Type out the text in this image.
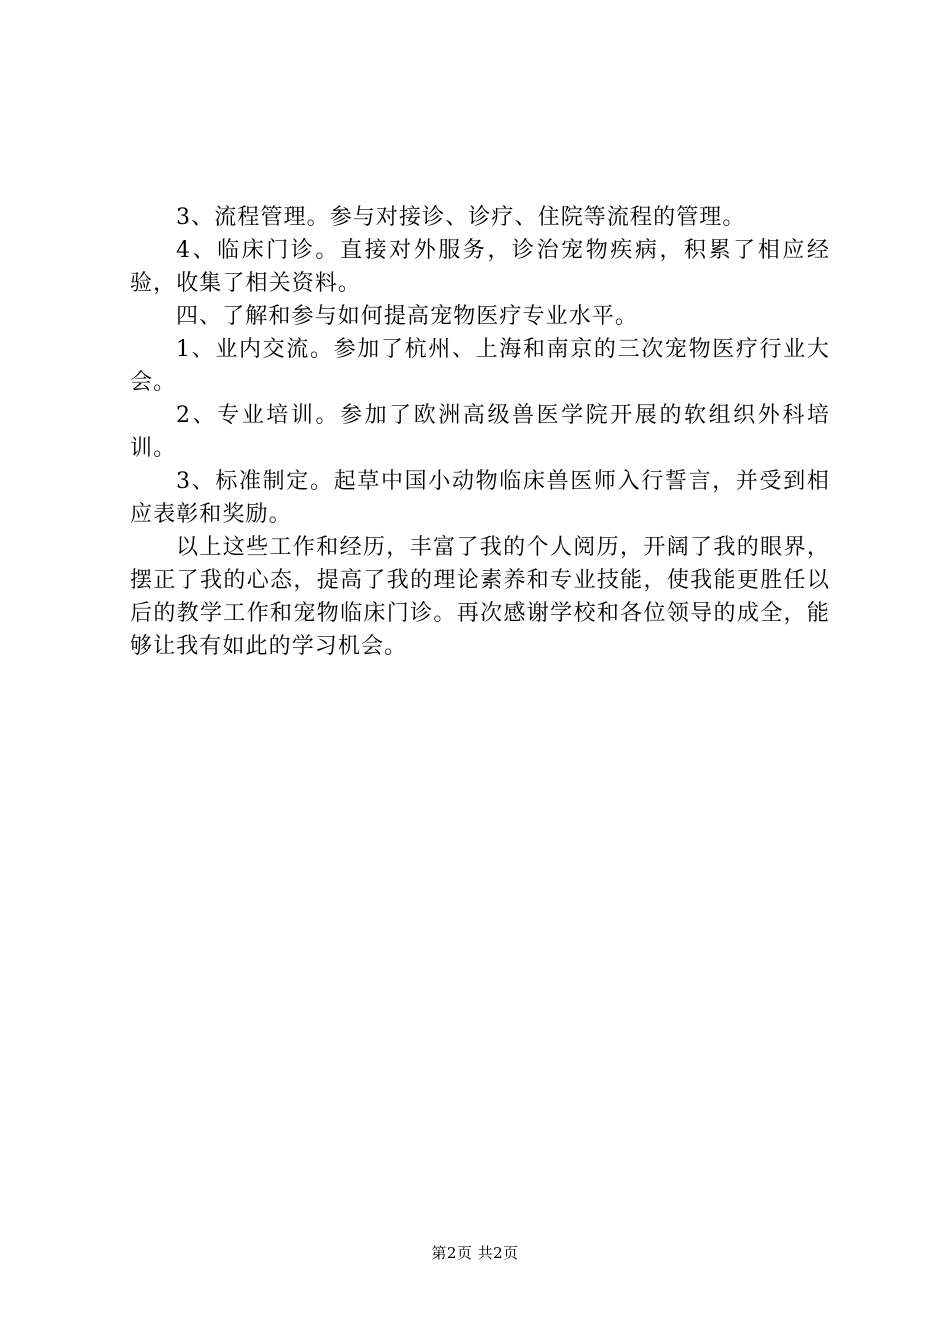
3、流程管理。参与对接诊、诊疗、住院等流程的管理。

4、临床门诊。直接对外服务，诊治宠物疾病，积累了相应经验，收集了相关资料。

四、了解和参与如何提高宠物医疗专业水平。

1、业内交流。参加了杭州、上海和南京的三次宠物医疗行业大会。

2、专业培训。参加了欧洲高级兽医学院开展的软组织外科培训。

3、标准制定。起草中国小动物临床兽医师入行誓言，并受到相应表彰和奖励。

以上这些工作和经历，丰富了我的个人阅历，开阔了我的眼界，摆正了我的心态，提高了我的理论素养和专业技能，使我能更胜任以后的教学工作和宠物临床门诊。再次感谢学校和各位领导的成全，能够让我有如此的学习机会。

第2页 共2页
